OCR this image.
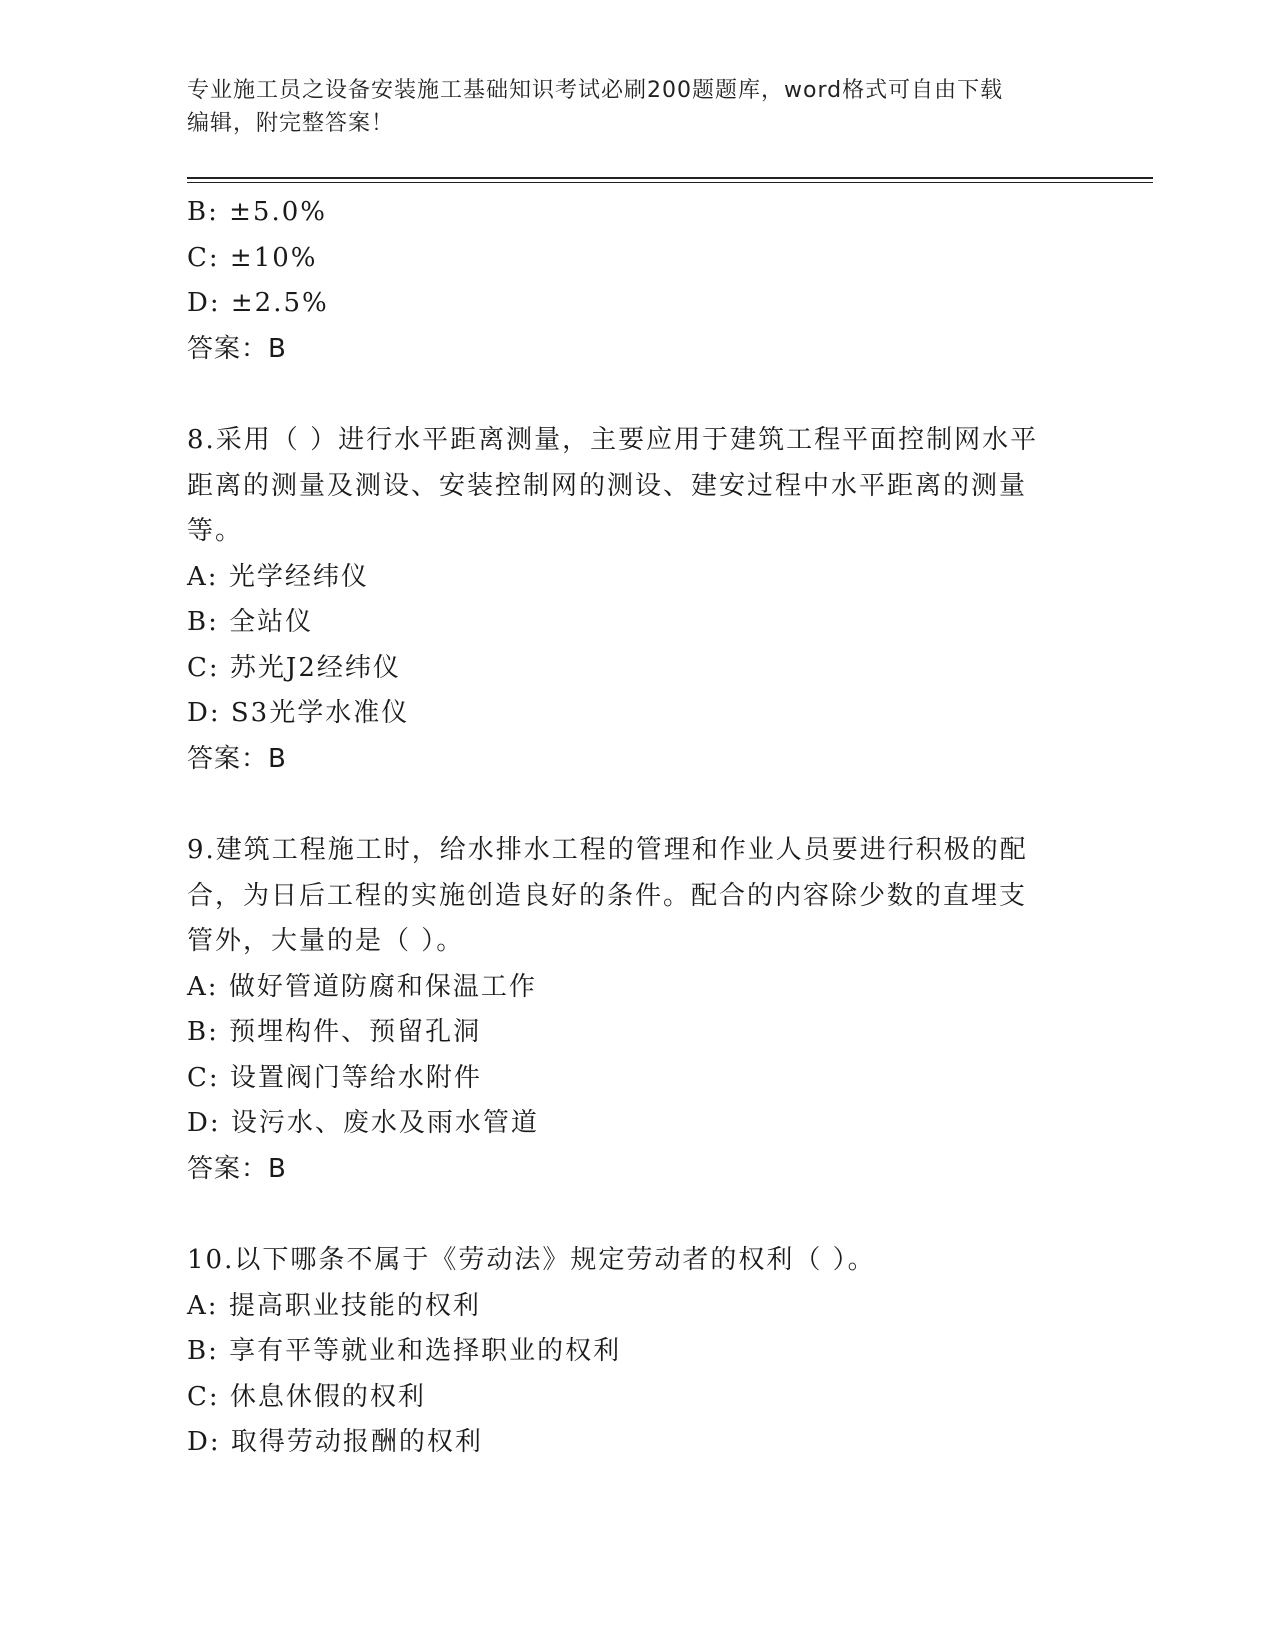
专业施工员之设备安装施工基础知识考试必刷200题题库，word格式可自由下载
编辑，附完整答案！
B: ±5.0%
C: ±10%
D: ±2.5%
答案：B
8.采用（ ）进行水平距离测量，主要应用于建筑工程平面控制网水平
距离的测量及测设、安装控制网的测设、建安过程中水平距离的测量
等。
A: 光学经纬仪
B: 全站仪
C: 苏光J2经纬仪
D: S3光学水准仪
答案：B
9.建筑工程施工时，给水排水工程的管理和作业人员要进行积极的配
合，为日后工程的实施创造良好的条件。配合的内容除少数的直埋支
管外，大量的是（ ）。
A: 做好管道防腐和保温工作
B: 预埋构件、预留孔洞
C: 设置阀门等给水附件
D: 设污水、废水及雨水管道
答案：B
10.以下哪条不属于《劳动法》规定劳动者的权利（ ）。
A: 提高职业技能的权利
B: 享有平等就业和选择职业的权利
C: 休息休假的权利
D: 取得劳动报酬的权利
